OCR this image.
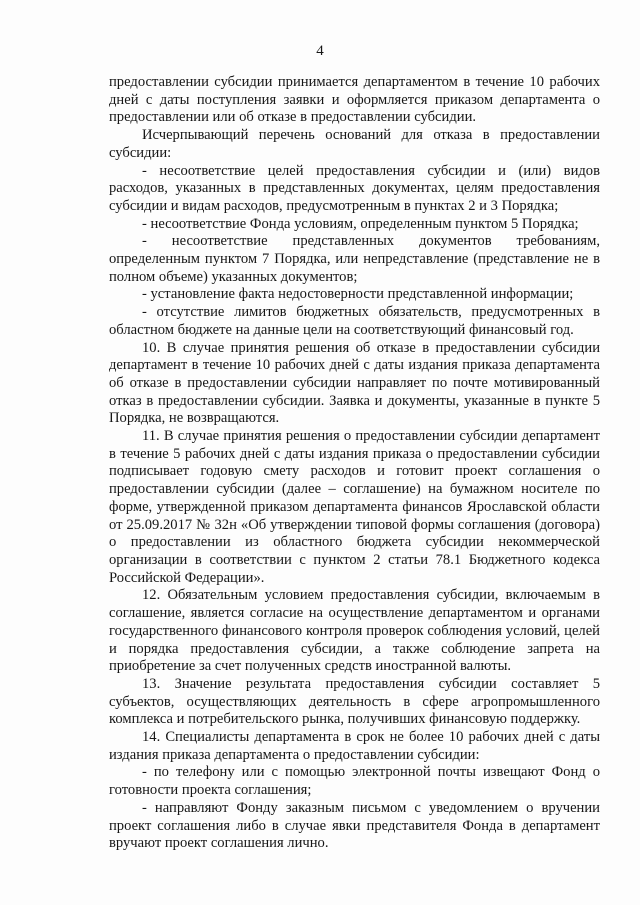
4

предоставлении субсидии принимается департаментом в течение 10 рабочих дней с даты поступления заявки и оформляется приказом департамента о предоставлении или об отказе в предоставлении субсидии.

Исчерпывающий перечень оснований для отказа в предоставлении субсидии:

- несоответствие целей предоставления субсидии и (или) видов расходов, указанных в представленных документах, целям предоставления субсидии и видам расходов, предусмотренным в пунктах 2 и 3 Порядка;

- несоответствие Фонда условиям, определенным пунктом 5 Порядка;

- несоответствие представленных документов требованиям, определенным пунктом 7 Порядка, или непредставление (представление не в полном объеме) указанных документов;

- установление факта недостоверности представленной информации;

- отсутствие лимитов бюджетных обязательств, предусмотренных в областном бюджете на данные цели на соответствующий финансовый год.

10. В случае принятия решения об отказе в предоставлении субсидии департамент в течение 10 рабочих дней с даты издания приказа департамента об отказе в предоставлении субсидии направляет по почте мотивированный отказ в предоставлении субсидии. Заявка и документы, указанные в пункте 5 Порядка, не возвращаются.

11. В случае принятия решения о предоставлении субсидии департамент в течение 5 рабочих дней с даты издания приказа о предоставлении субсидии подписывает годовую смету расходов и готовит проект соглашения о предоставлении субсидии (далее – соглашение) на бумажном носителе по форме, утвержденной приказом департамента финансов Ярославской области от 25.09.2017 № 32н «Об утверждении типовой формы соглашения (договора) о предоставлении из областного бюджета субсидии некоммерческой организации в соответствии с пунктом 2 статьи 78.1 Бюджетного кодекса Российской Федерации».

12. Обязательным условием предоставления субсидии, включаемым в соглашение, является согласие на осуществление департаментом и органами государственного финансового контроля проверок соблюдения условий, целей и порядка предоставления субсидии, а также соблюдение запрета на приобретение за счет полученных средств иностранной валюты.

13. Значение результата предоставления субсидии составляет 5 субъектов, осуществляющих деятельность в сфере агропромышленного комплекса и потребительского рынка, получивших финансовую поддержку.

14. Специалисты департамента в срок не более 10 рабочих дней с даты издания приказа департамента о предоставлении субсидии:

- по телефону или с помощью электронной почты извещают Фонд о готовности проекта соглашения;

- направляют Фонду заказным письмом с уведомлением о вручении проект соглашения либо в случае явки представителя Фонда в департамент вручают проект соглашения лично.
